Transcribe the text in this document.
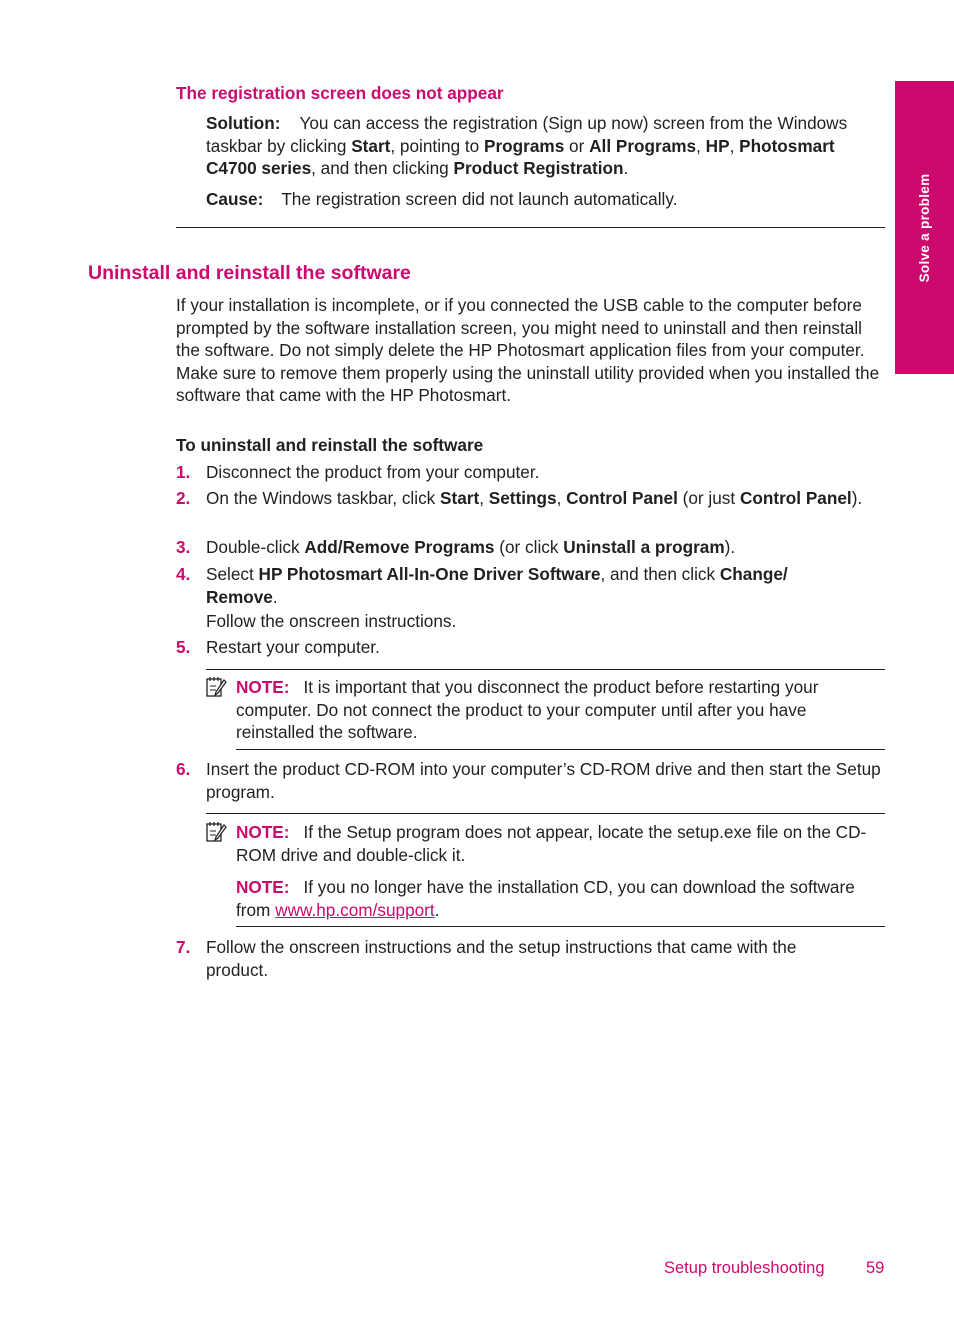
Solve a problem
The registration screen does not appear
Solution: You can access the registration (Sign up now) screen from the Windows taskbar by clicking Start, pointing to Programs or All Programs, HP, Photosmart C4700 series, and then clicking Product Registration.
Cause: The registration screen did not launch automatically.
Uninstall and reinstall the software
If your installation is incomplete, or if you connected the USB cable to the computer before prompted by the software installation screen, you might need to uninstall and then reinstall the software. Do not simply delete the HP Photosmart application files from your computer. Make sure to remove them properly using the uninstall utility provided when you installed the software that came with the HP Photosmart.
To uninstall and reinstall the software
1. Disconnect the product from your computer.
2. On the Windows taskbar, click Start, Settings, Control Panel (or just Control Panel).
3. Double-click Add/Remove Programs (or click Uninstall a program).
4. Select HP Photosmart All-In-One Driver Software, and then click Change/ Remove.
Follow the onscreen instructions.
5. Restart your computer.
NOTE: It is important that you disconnect the product before restarting your computer. Do not connect the product to your computer until after you have reinstalled the software.
6. Insert the product CD-ROM into your computer’s CD-ROM drive and then start the Setup program.
NOTE: If the Setup program does not appear, locate the setup.exe file on the CD-ROM drive and double-click it.
NOTE: If you no longer have the installation CD, you can download the software from www.hp.com/support.
7. Follow the onscreen instructions and the setup instructions that came with the product.
Setup troubleshooting	59
